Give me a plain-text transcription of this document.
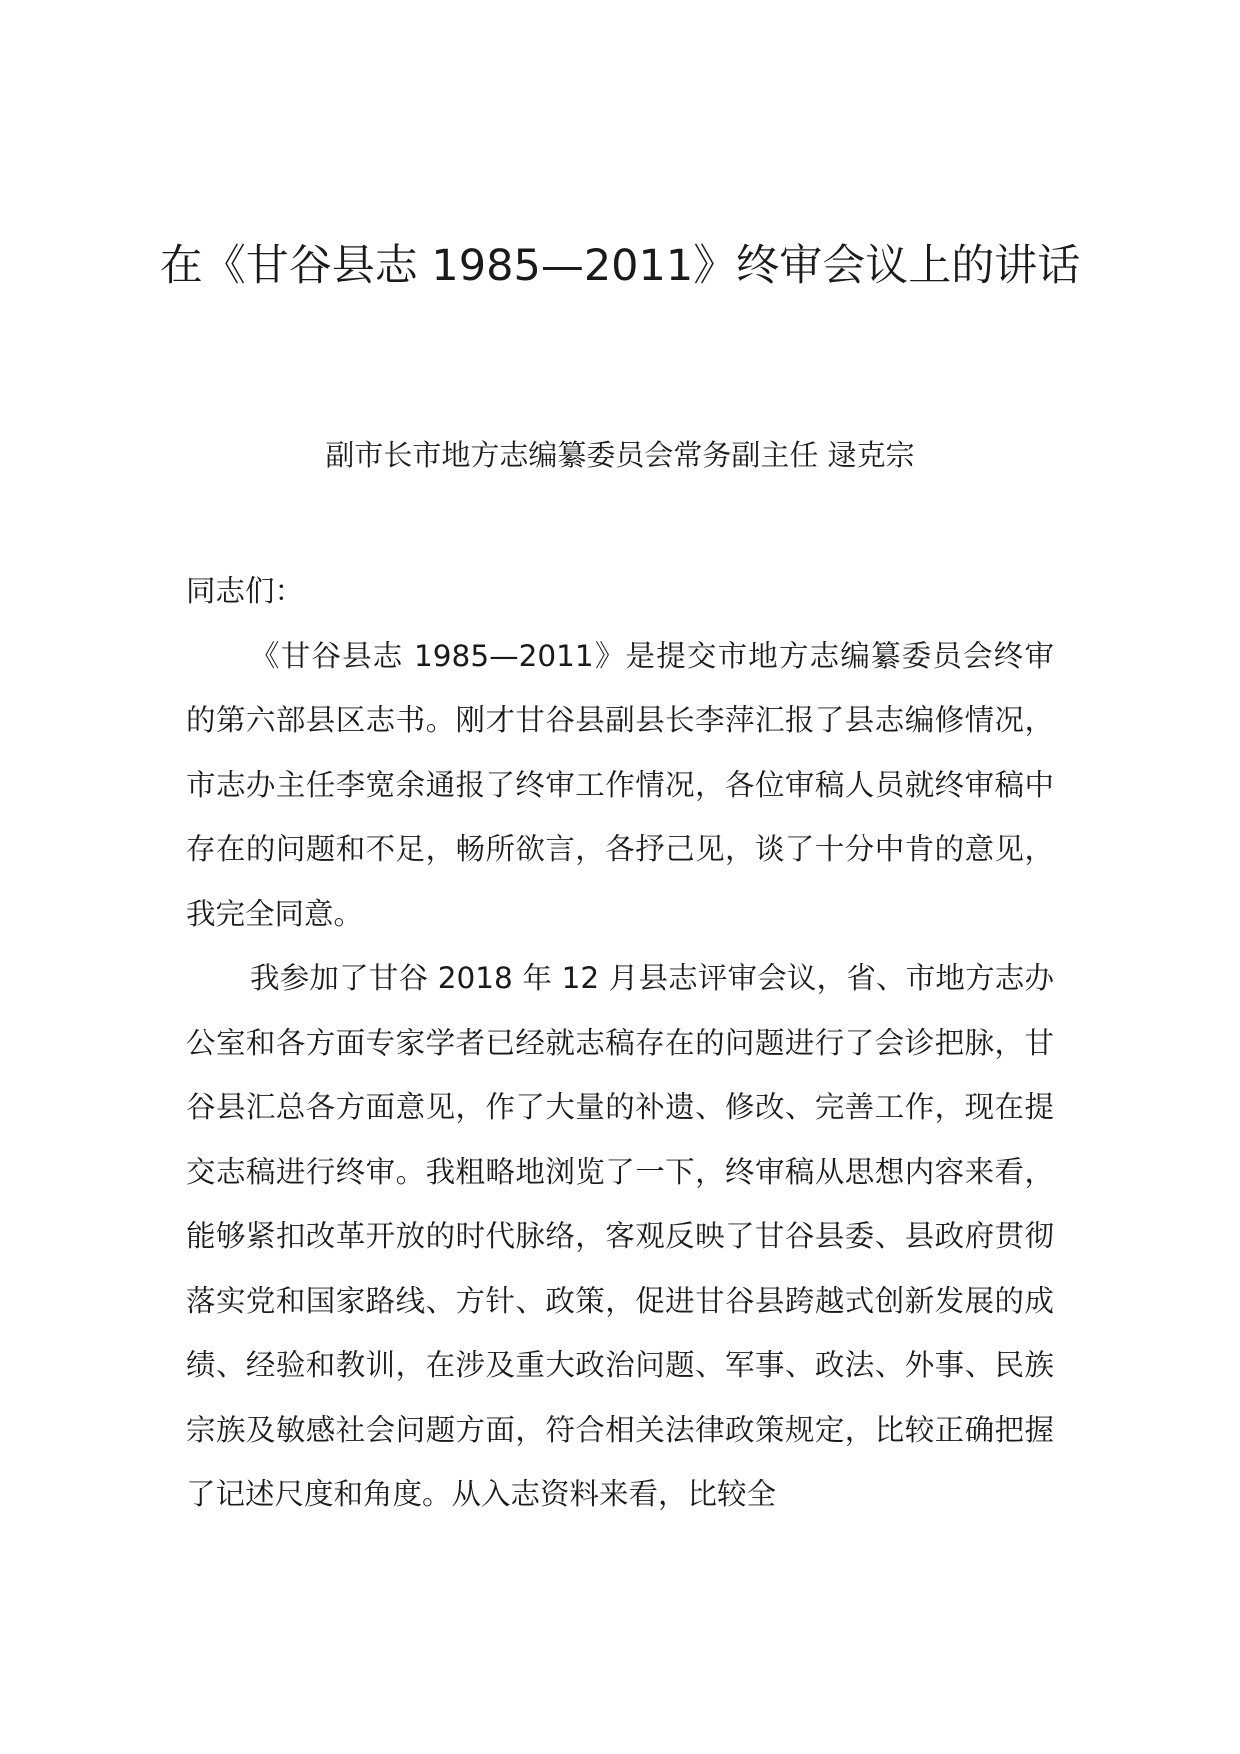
在《甘谷县志 1985—2011》终审会议上的讲话

副市长市地方志编纂委员会常务副主任 逯克宗

同志们：

《甘谷县志 1985—2011》是提交市地方志编纂委员会终审的第六部县区志书。刚才甘谷县副县长李萍汇报了县志编修情况，市志办主任李宽余通报了终审工作情况，各位审稿人员就终审稿中存在的问题和不足，畅所欲言，各抒己见，谈了十分中肯的意见，我完全同意。

我参加了甘谷 2018 年 12 月县志评审会议，省、市地方志办公室和各方面专家学者已经就志稿存在的问题进行了会诊把脉，甘谷县汇总各方面意见，作了大量的补遗、修改、完善工作，现在提交志稿进行终审。我粗略地浏览了一下，终审稿从思想内容来看，能够紧扣改革开放的时代脉络，客观反映了甘谷县委、县政府贯彻落实党和国家路线、方针、政策，促进甘谷县跨越式创新发展的成绩、经验和教训，在涉及重大政治问题、军事、政法、外事、民族宗族及敏感社会问题方面，符合相关法律政策规定，比较正确把握了记述尺度和角度。从入志资料来看，比较全
